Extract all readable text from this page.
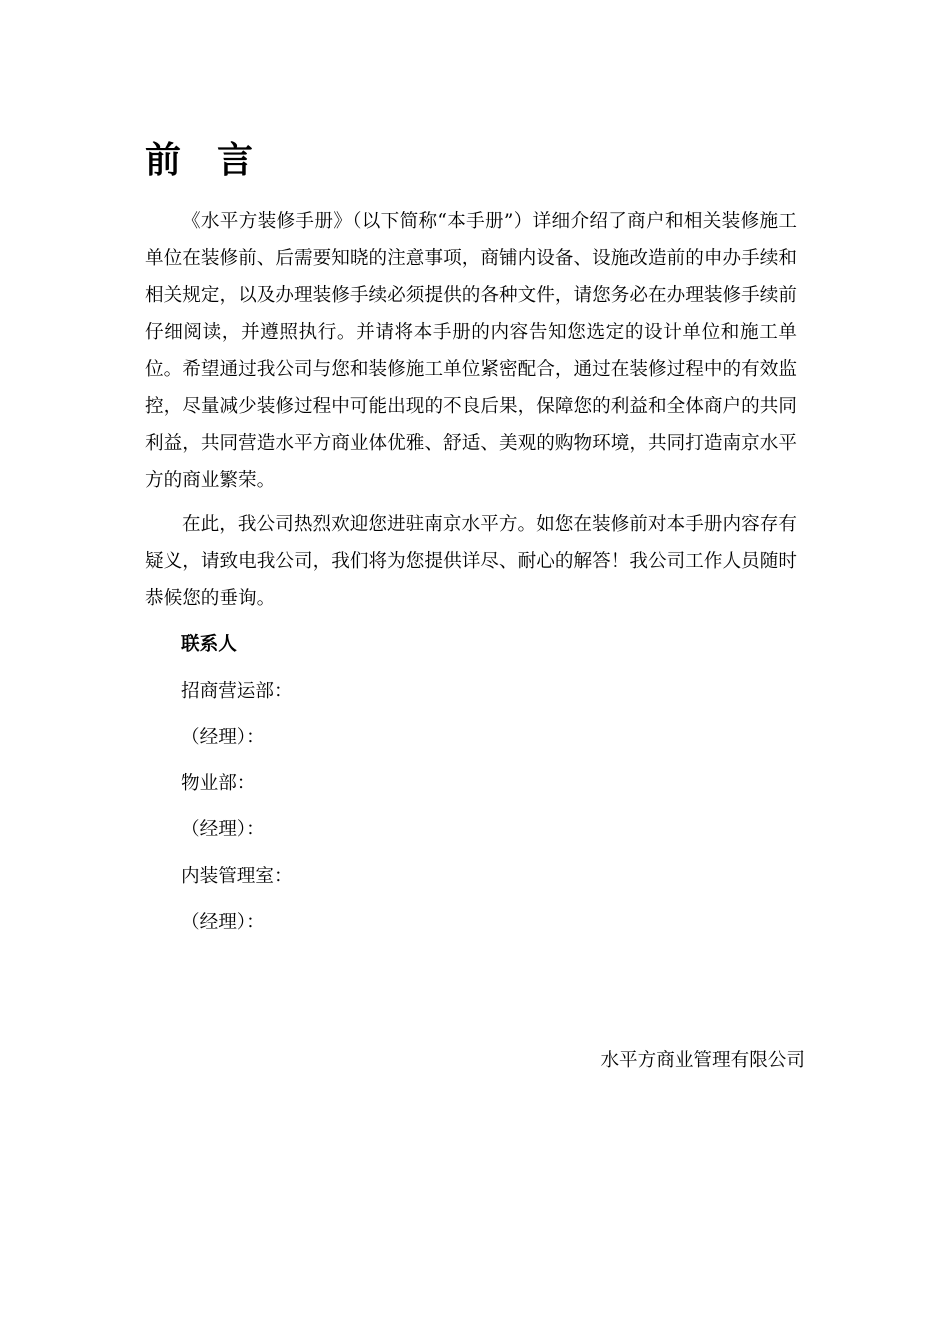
前言

《水平方装修手册》（以下简称“本手册”）详细介绍了商户和相关装修施工单位在装修前、后需要知晓的注意事项，商铺内设备、设施改造前的申办手续和相关规定，以及办理装修手续必须提供的各种文件，请您务必在办理装修手续前仔细阅读，并遵照执行。并请将本手册的内容告知您选定的设计单位和施工单位。希望通过我公司与您和装修施工单位紧密配合，通过在装修过程中的有效监控，尽量减少装修过程中可能出现的不良后果，保障您的利益和全体商户的共同利益，共同营造水平方商业体优雅、舒适、美观的购物环境，共同打造南京水平方的商业繁荣。

在此，我公司热烈欢迎您进驻南京水平方。如您在装修前对本手册内容存有疑义，请致电我公司，我们将为您提供详尽、耐心的解答！我公司工作人员随时恭候您的垂询。

联系人
招商营运部：
（经理）：
物业部：
（经理）：
内装管理室：
（经理）：
水平方商业管理有限公司
